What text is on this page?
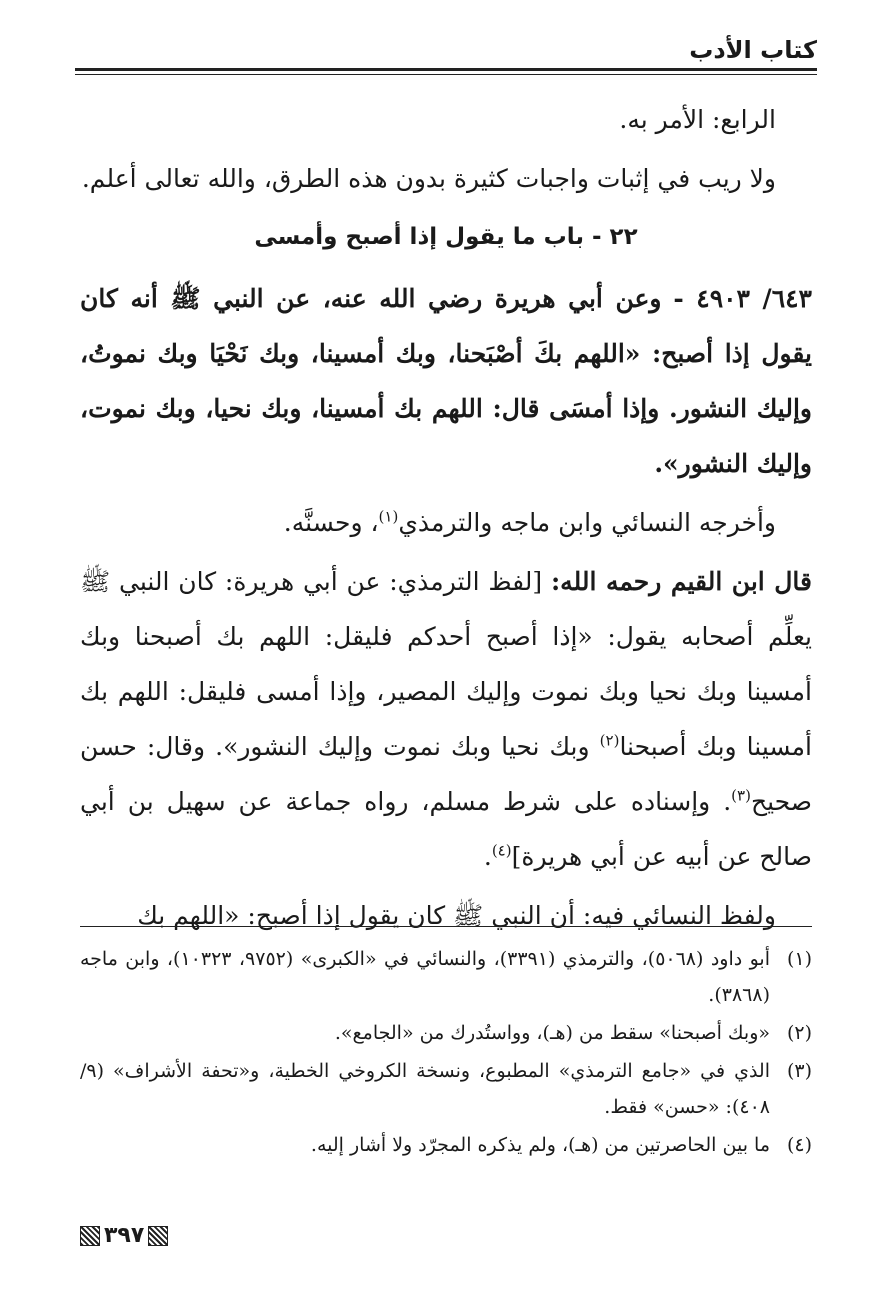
كتاب الأدب

الرابع: الأمر به.

ولا ريب في إثبات واجبات كثيرة بدون هذه الطرق، والله تعالى أعلم.

٢٢ - باب ما يقول إذا أصبح وأمسى

٦٤٣/ ٤٩٠٣ - وعن أبي هريرة رضي الله عنه، عن النبي ﷺ أنه كان يقول إذا أصبح: «اللهم بكَ أصْبَحنا، وبك أمسينا، وبك نَحْيَا وبك نموتُ، وإليك النشور. وإذا أمسَى قال: اللهم بك أمسينا، وبك نحيا، وبك نموت، وإليك النشور».

وأخرجه النسائي وابن ماجه والترمذي$^{(١)}$، وحسنَّه.

قال ابن القيم رحمه الله: [لفظ الترمذي: عن أبي هريرة: كان النبي ﷺ يعلِّم أصحابه يقول: «إذا أصبح أحدكم فليقل: اللهم بك أصبحنا وبك أمسينا وبك نحيا وبك نموت وإليك المصير، وإذا أمسى فليقل: اللهم بك أمسينا وبك أصبحنا$^{(٢)}$ وبك نحيا وبك نموت وإليك النشور». وقال: حسن صحيح$^{(٣)}$. وإسناده على شرط مسلم، رواه جماعة عن سهيل بن أبي صالح عن أبيه عن أبي هريرة]$^{(٤)}$.

ولفظ النسائي فيه: أن النبي ﷺ كان يقول إذا أصبح: «اللهم بك

(١)
أبو داود (٥٠٦٨)، والترمذي (٣٣٩١)، والنسائي في «الكبرى» (٩٧٥٢، ١٠٣٢٣)، وابن ماجه (٣٨٦٨).
(٢)
«وبك أصبحنا» سقط من (هـ)، وواستُدرك من «الجامع».
(٣)
الذي في «جامع الترمذي» المطبوع، ونسخة الكروخي الخطية، و«تحفة الأشراف» (٩/ ٤٠٨): «حسن» فقط.
(٤)
ما بين الحاصرتين من (هـ)، ولم يذكره المجرّد ولا أشار إليه.
٣٩٧
